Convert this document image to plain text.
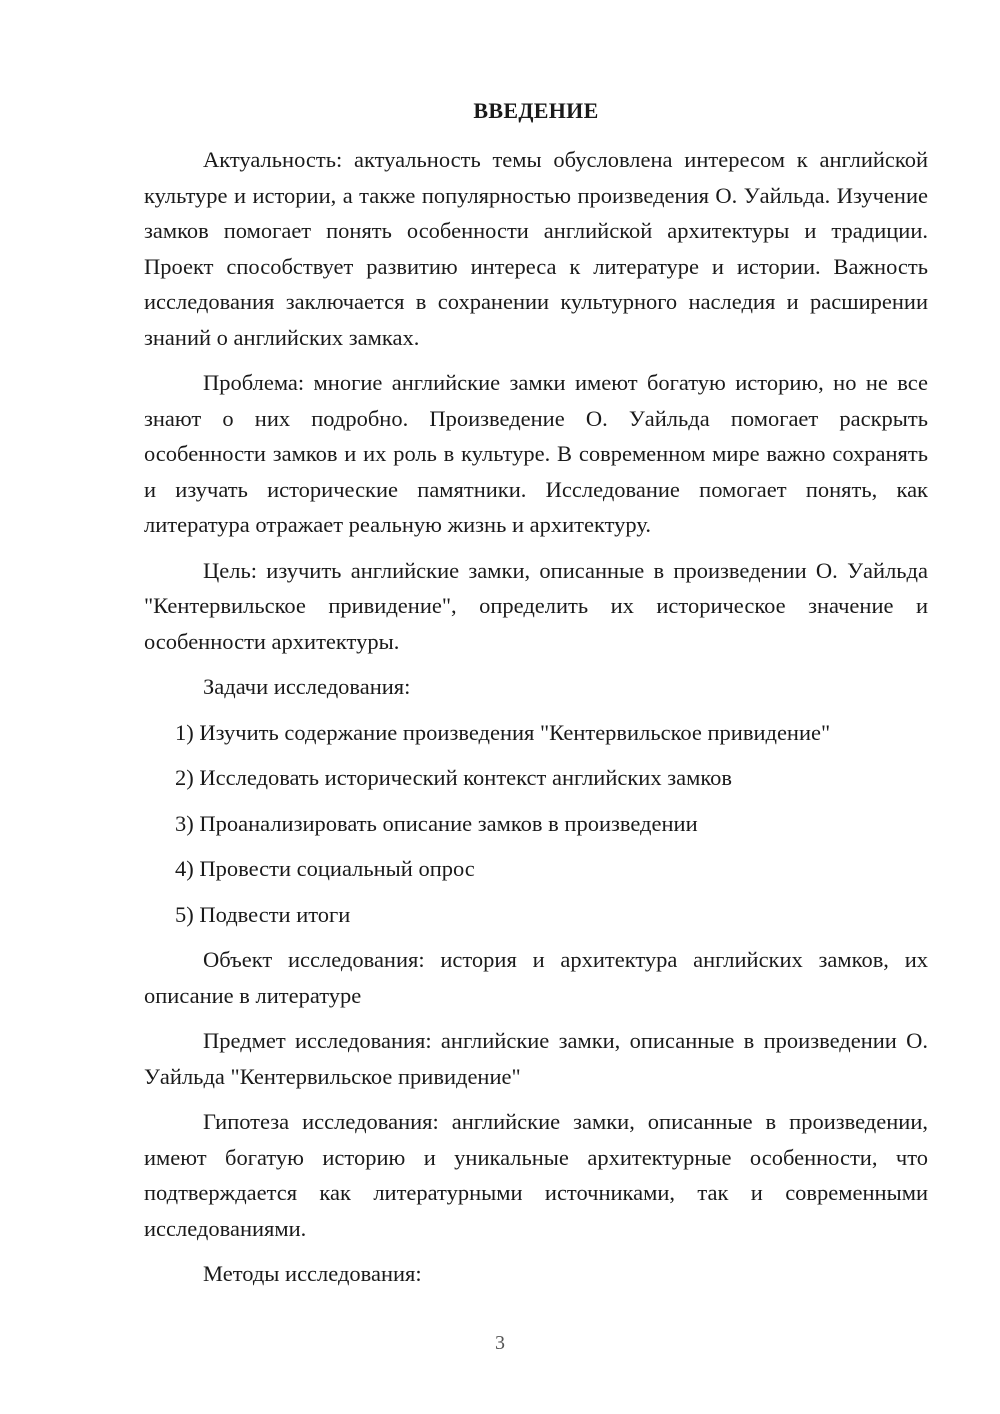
ВВЕДЕНИЕ

Актуальность: актуальность темы обусловлена интересом к английской культуре и истории, а также популярностью произведения О. Уайльда. Изучение замков помогает понять особенности английской архитектуры и традиции. Проект способствует развитию интереса к литературе и истории. Важность исследования заключается в сохранении культурного наследия и расширении знаний о английских замках.

Проблема: многие английские замки имеют богатую историю, но не все знают о них подробно. Произведение О. Уайльда помогает раскрыть особенности замков и их роль в культуре. В современном мире важно сохранять и изучать исторические памятники. Исследование помогает понять, как литература отражает реальную жизнь и архитектуру.

Цель: изучить английские замки, описанные в произведении О. Уайльда "Кентервильское привидение", определить их историческое значение и особенности архитектуры.

Задачи исследования:

1) Изучить содержание произведения "Кентервильское привидение"
2) Исследовать исторический контекст английских замков
3) Проанализировать описание замков в произведении
4) Провести социальный опрос
5) Подвести итоги

Объект исследования: история и архитектура английских замков, их описание в литературе

Предмет исследования: английские замки, описанные в произведении О. Уайльда "Кентервильское привидение"

Гипотеза исследования: английские замки, описанные в произведении, имеют богатую историю и уникальные архитектурные особенности, что подтверждается как литературными источниками, так и современными исследованиями.

Методы исследования:

3
